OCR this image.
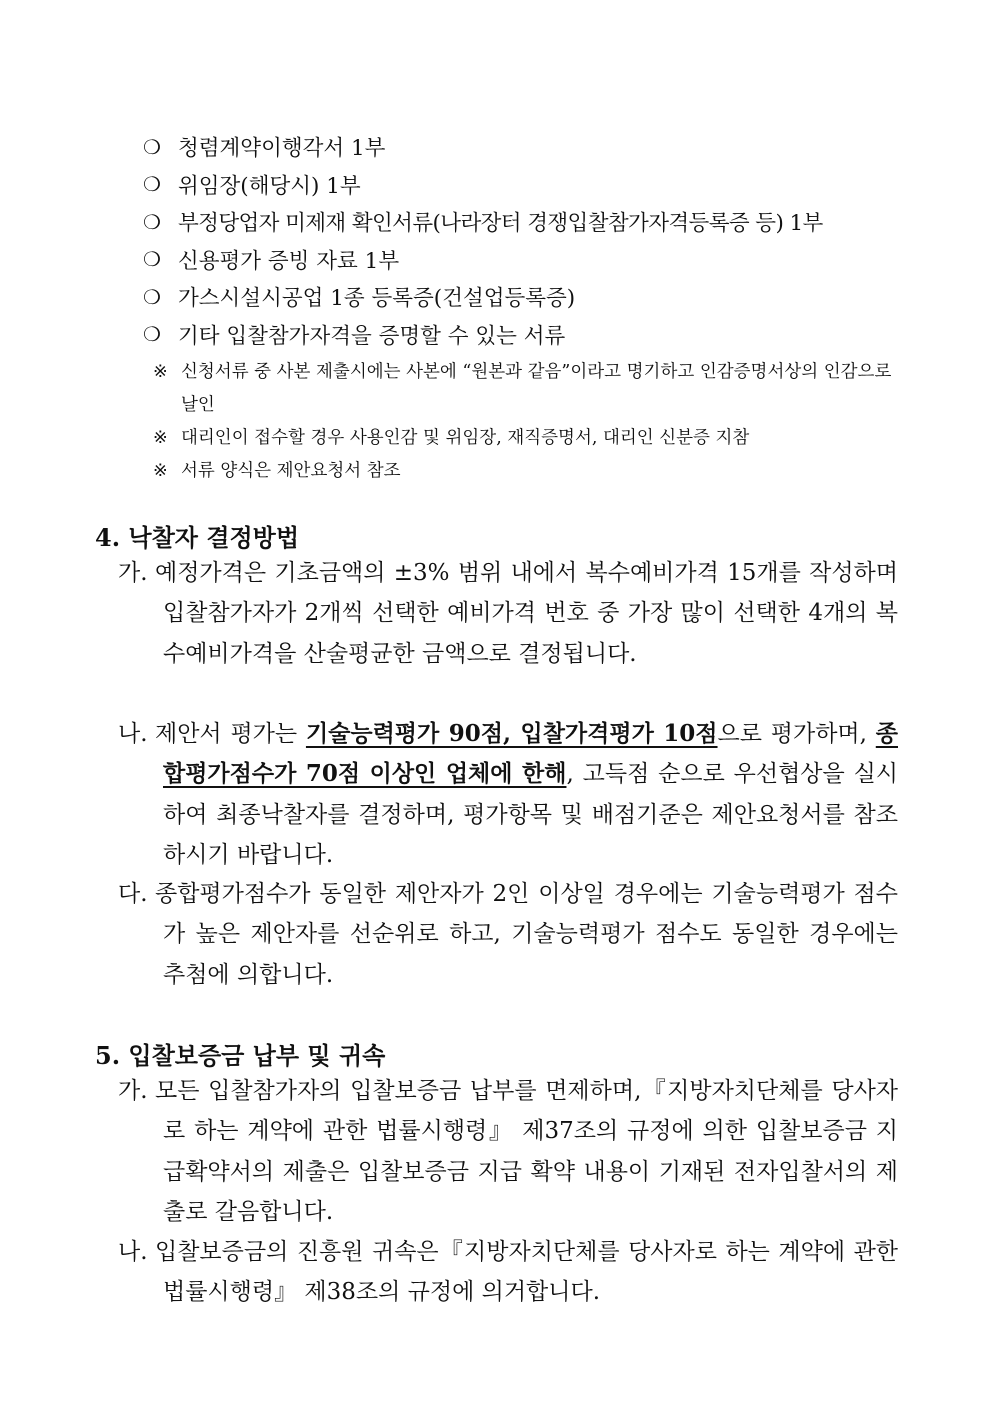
❍ 청렴계약이행각서 1부
❍ 위임장(해당시) 1부
❍ 부정당업자 미제재 확인서류(나라장터 경쟁입찰참가자격등록증 등) 1부
❍ 신용평가 증빙 자료 1부
❍ 가스시설시공업 1종 등록증(건설업등록증)
❍ 기타 입찰참가자격을 증명할 수 있는 서류
※ 신청서류 중 사본 제출시에는 사본에 “원본과 같음”이라고 명기하고 인감증명서상의 인감으로 날인
※ 대리인이 접수할 경우 사용인감 및 위임장, 재직증명서, 대리인 신분증 지참
※ 서류 양식은 제안요청서 참조
4. 낙찰자 결정방법
가. 예정가격은 기초금액의 ±3% 범위 내에서 복수예비가격 15개를 작성하며 입찰참가자가 2개씩 선택한 예비가격 번호 중 가장 많이 선택한 4개의 복수예비가격을 산술평균한 금액으로 결정됩니다.
나. 제안서 평가는 기술능력평가 90점, 입찰가격평가 10점으로 평가하며, 종합평가점수가 70점 이상인 업체에 한해, 고득점 순으로 우선협상을 실시하여 최종낙찰자를 결정하며, 평가항목 및 배점기준은 제안요청서를 참조하시기 바랍니다.
다. 종합평가점수가 동일한 제안자가 2인 이상일 경우에는 기술능력평가 점수가 높은 제안자를 선순위로 하고, 기술능력평가 점수도 동일한 경우에는 추첨에 의합니다.
5. 입찰보증금 납부 및 귀속
가. 모든 입찰참가자의 입찰보증금 납부를 면제하며,『지방자치단체를 당사자로 하는 계약에 관한 법률시행령』 제37조의 규정에 의한 입찰보증금 지급확약서의 제출은 입찰보증금 지급 확약 내용이 기재된 전자입찰서의 제출로 갈음합니다.
나. 입찰보증금의 진흥원 귀속은『지방자치단체를 당사자로 하는 계약에 관한 법률시행령』 제38조의 규정에 의거합니다.
